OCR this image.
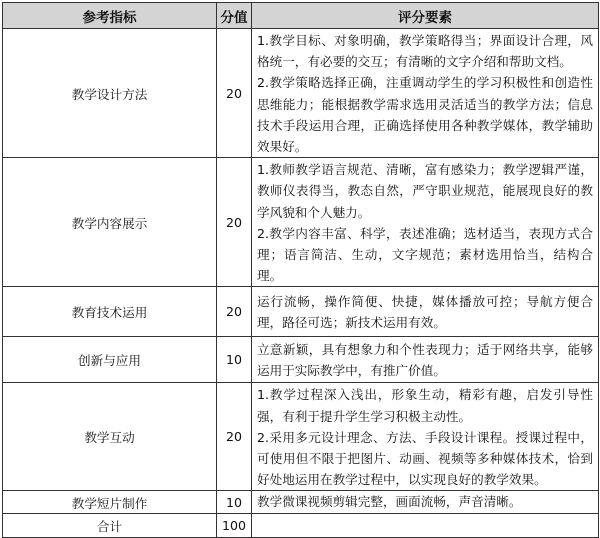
参考指标	分值	评分要素
教学设计方法	20	1.教学目标、对象明确，教学策略得当；界面设计合理，风格统一，有必要的交互；有清晰的文字介绍和帮助文档。

2.教学策略选择正确，注重调动学生的学习积极性和创造性思维能力；能根据教学需求选用灵活适当的教学方法；信息技术手段运用合理，正确选择使用各种教学媒体，教学辅助效果好。

教学内容展示	20	1.教师教学语言规范、清晰，富有感染力；教学逻辑严谨，教师仪表得当，教态自然，严守职业规范，能展现良好的教学风貌和个人魅力。

2.教学内容丰富、科学，表述准确；选材适当，表现方式合理；语言简洁、生动，文字规范；素材选用恰当，结构合理。

教育技术运用	20	运行流畅，操作简便、快捷，媒体播放可控；导航方便合理，路径可选；新技术运用有效。

创新与应用	10	立意新颖，具有想象力和个性表现力；适于网络共享，能够运用于实际教学中，有推广价值。

教学互动	20	1.教学过程深入浅出，形象生动，精彩有趣，启发引导性强，有利于提升学生学习积极主动性。

2.采用多元设计理念、方法、手段设计课程。授课过程中，可使用但不限于把图片、动画、视频等多种媒体技术，恰到好处地运用在教学过程中，以实现良好的教学效果。

教学短片制作	10	教学微课视频剪辑完整，画面流畅，声音清晰。

合计	100	
